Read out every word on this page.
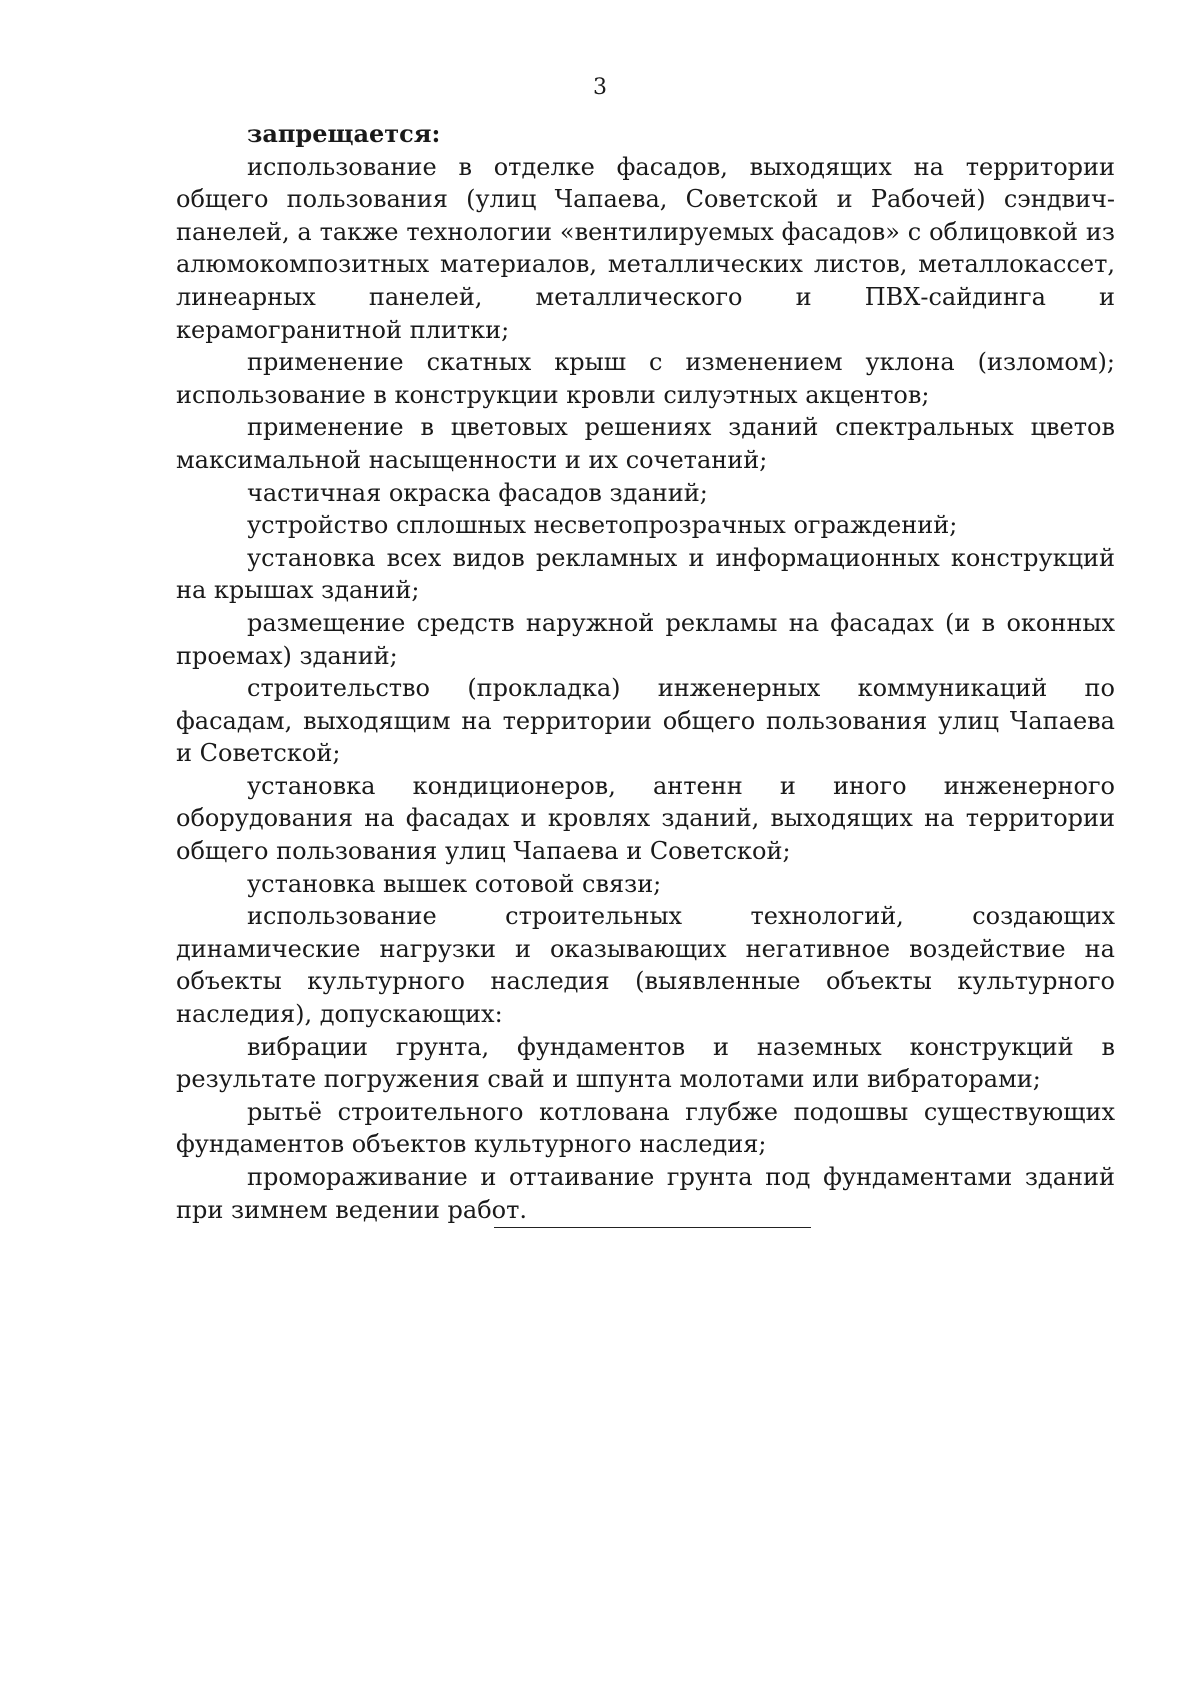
3

запрещается:

использование в отделке фасадов, выходящих на территории общего пользования (улиц Чапаева, Советской и Рабочей) сэндвич-панелей, а также технологии «вентилируемых фасадов» с облицовкой из алюмокомпозитных материалов, металлических листов, металлокассет, линеарных панелей, металлического и ПВХ-сайдинга и керамогранитной плитки;

применение скатных крыш с изменением уклона (изломом); использование в конструкции кровли силуэтных акцентов;

применение в цветовых решениях зданий спектральных цветов максимальной насыщенности и их сочетаний;

частичная окраска фасадов зданий;

устройство сплошных несветопрозрачных ограждений;

установка всех видов рекламных и информационных конструкций на крышах зданий;

размещение средств наружной рекламы на фасадах (и в оконных проемах) зданий;

строительство (прокладка) инженерных коммуникаций по фасадам, выходящим на территории общего пользования улиц Чапаева и Советской;

установка кондиционеров, антенн и иного инженерного оборудования на фасадах и кровлях зданий, выходящих на территории общего пользования улиц Чапаева и Советской;

установка вышек сотовой связи;

использование строительных технологий, создающих динамические нагрузки и оказывающих негативное воздействие на объекты культурного наследия (выявленные объекты культурного наследия), допускающих:

вибрации грунта, фундаментов и наземных конструкций в результате погружения свай и шпунта молотами или вибраторами;

рытьё строительного котлована глубже подошвы существующих фундаментов объектов культурного наследия;

промораживание и оттаивание грунта под фундаментами зданий при зимнем ведении работ.
